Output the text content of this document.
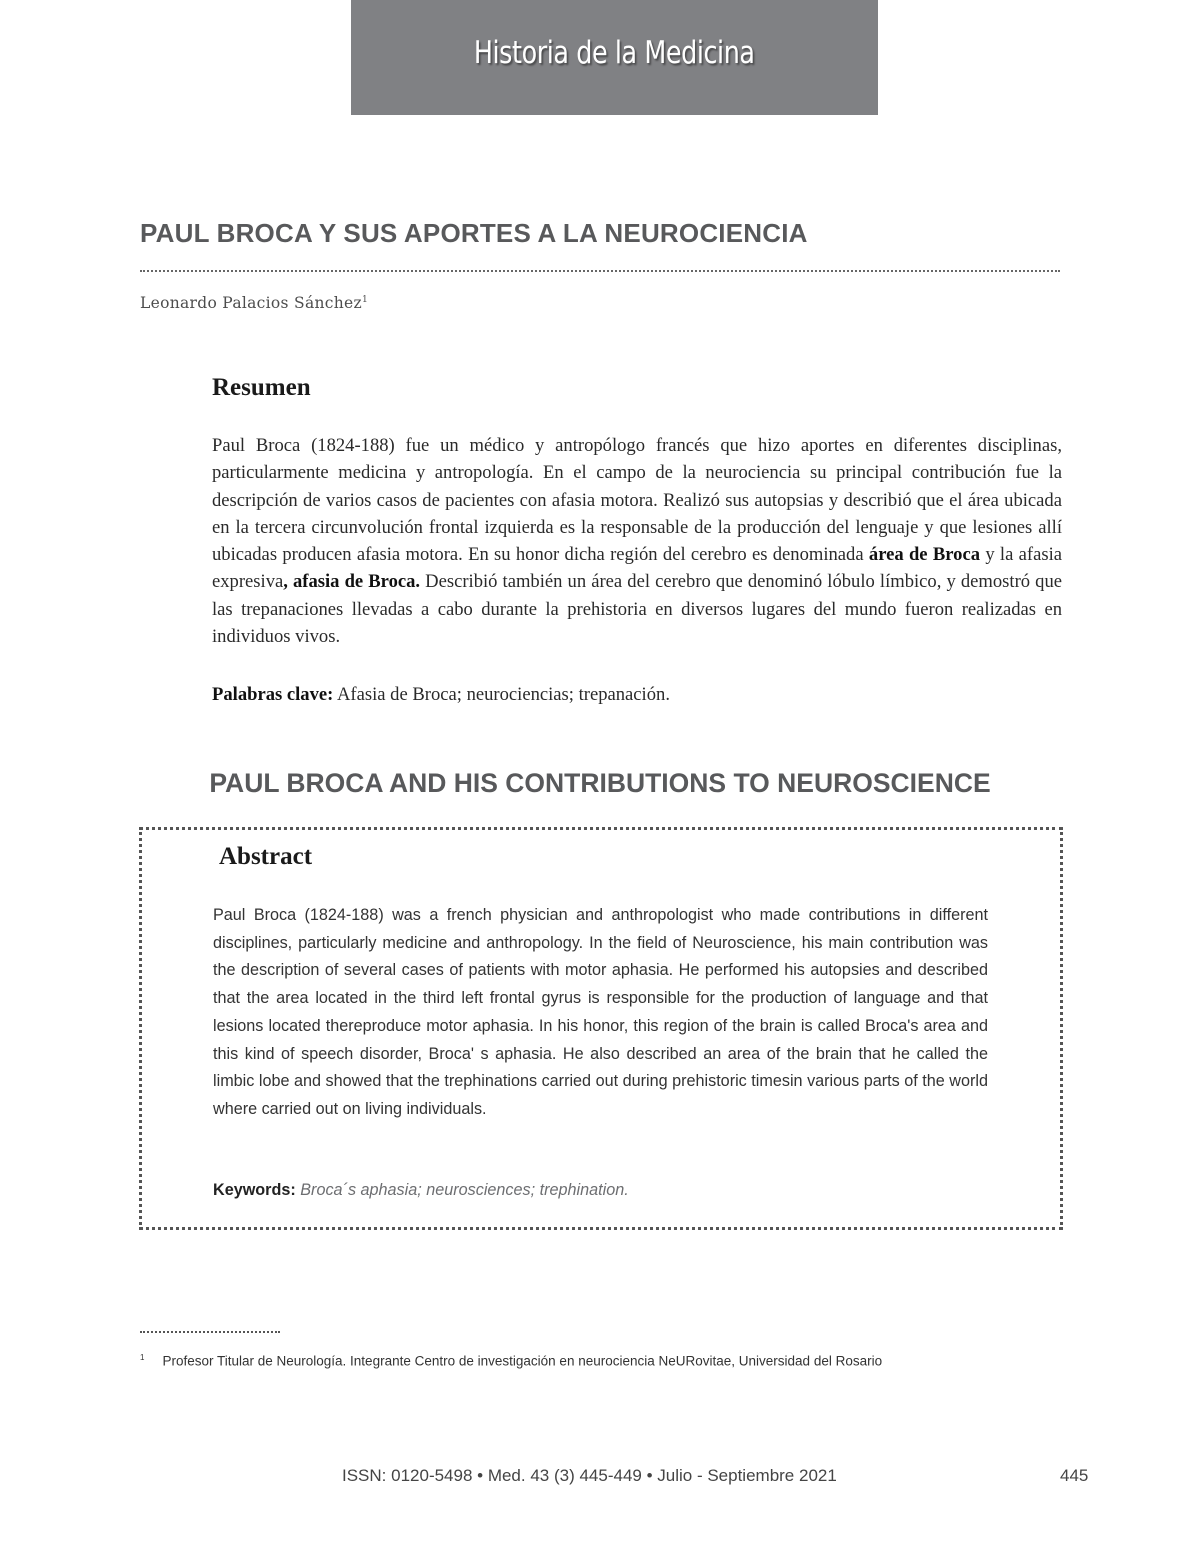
Historia de la Medicina
PAUL BROCA Y SUS APORTES A LA NEUROCIENCIA
Leonardo Palacios Sánchez$^1$
Resumen

Paul Broca (1824-188) fue un médico y antropólogo francés que hizo aportes en diferentes disciplinas, particularmente medicina y antropología. En el campo de la neurociencia su principal contribución fue la descripción de varios casos de pacientes con afasia motora. Realizó sus autopsias y describió que el área ubicada en la tercera circunvolución frontal izquierda es la responsable de la producción del lenguaje y que lesiones allí ubicadas producen afasia motora. En su honor dicha región del cerebro es denominada área de Broca y la afasia expresiva, afasia de Broca. Describió también un área del cerebro que denominó lóbulo límbico, y demostró que las trepanaciones llevadas a cabo durante la prehistoria en diversos lugares del mundo fueron realizadas en individuos vivos.

Palabras clave: Afasia de Broca; neurociencias; trepanación.
PAUL BROCA AND HIS CONTRIBUTIONS TO NEUROSCIENCE
Abstract

Paul Broca (1824-188) was a french physician and anthropologist who made contributions in different disciplines, particularly medicine and anthropology. In the field of Neuroscience, his main contribution was the description of several cases of patients with motor aphasia. He performed his autopsies and described that the area located in the third left frontal gyrus is responsible for the production of language and that lesions located thereproduce motor aphasia. In his honor, this region of the brain is called Broca's area and this kind of speech disorder, Broca' s aphasia. He also described an area of the brain that he called the limbic lobe and showed that the trephinations carried out during prehistoric timesin various parts of the world where carried out on living individuals.

Keywords: Broca´s aphasia; neurosciences; trephination.
$^1$ Profesor Titular de Neurología. Integrante Centro de investigación en neurociencia NeURovitae, Universidad del Rosario
ISSN: 0120-5498 • Med. 43 (3) 445-449 • Julio - Septiembre 2021	445
